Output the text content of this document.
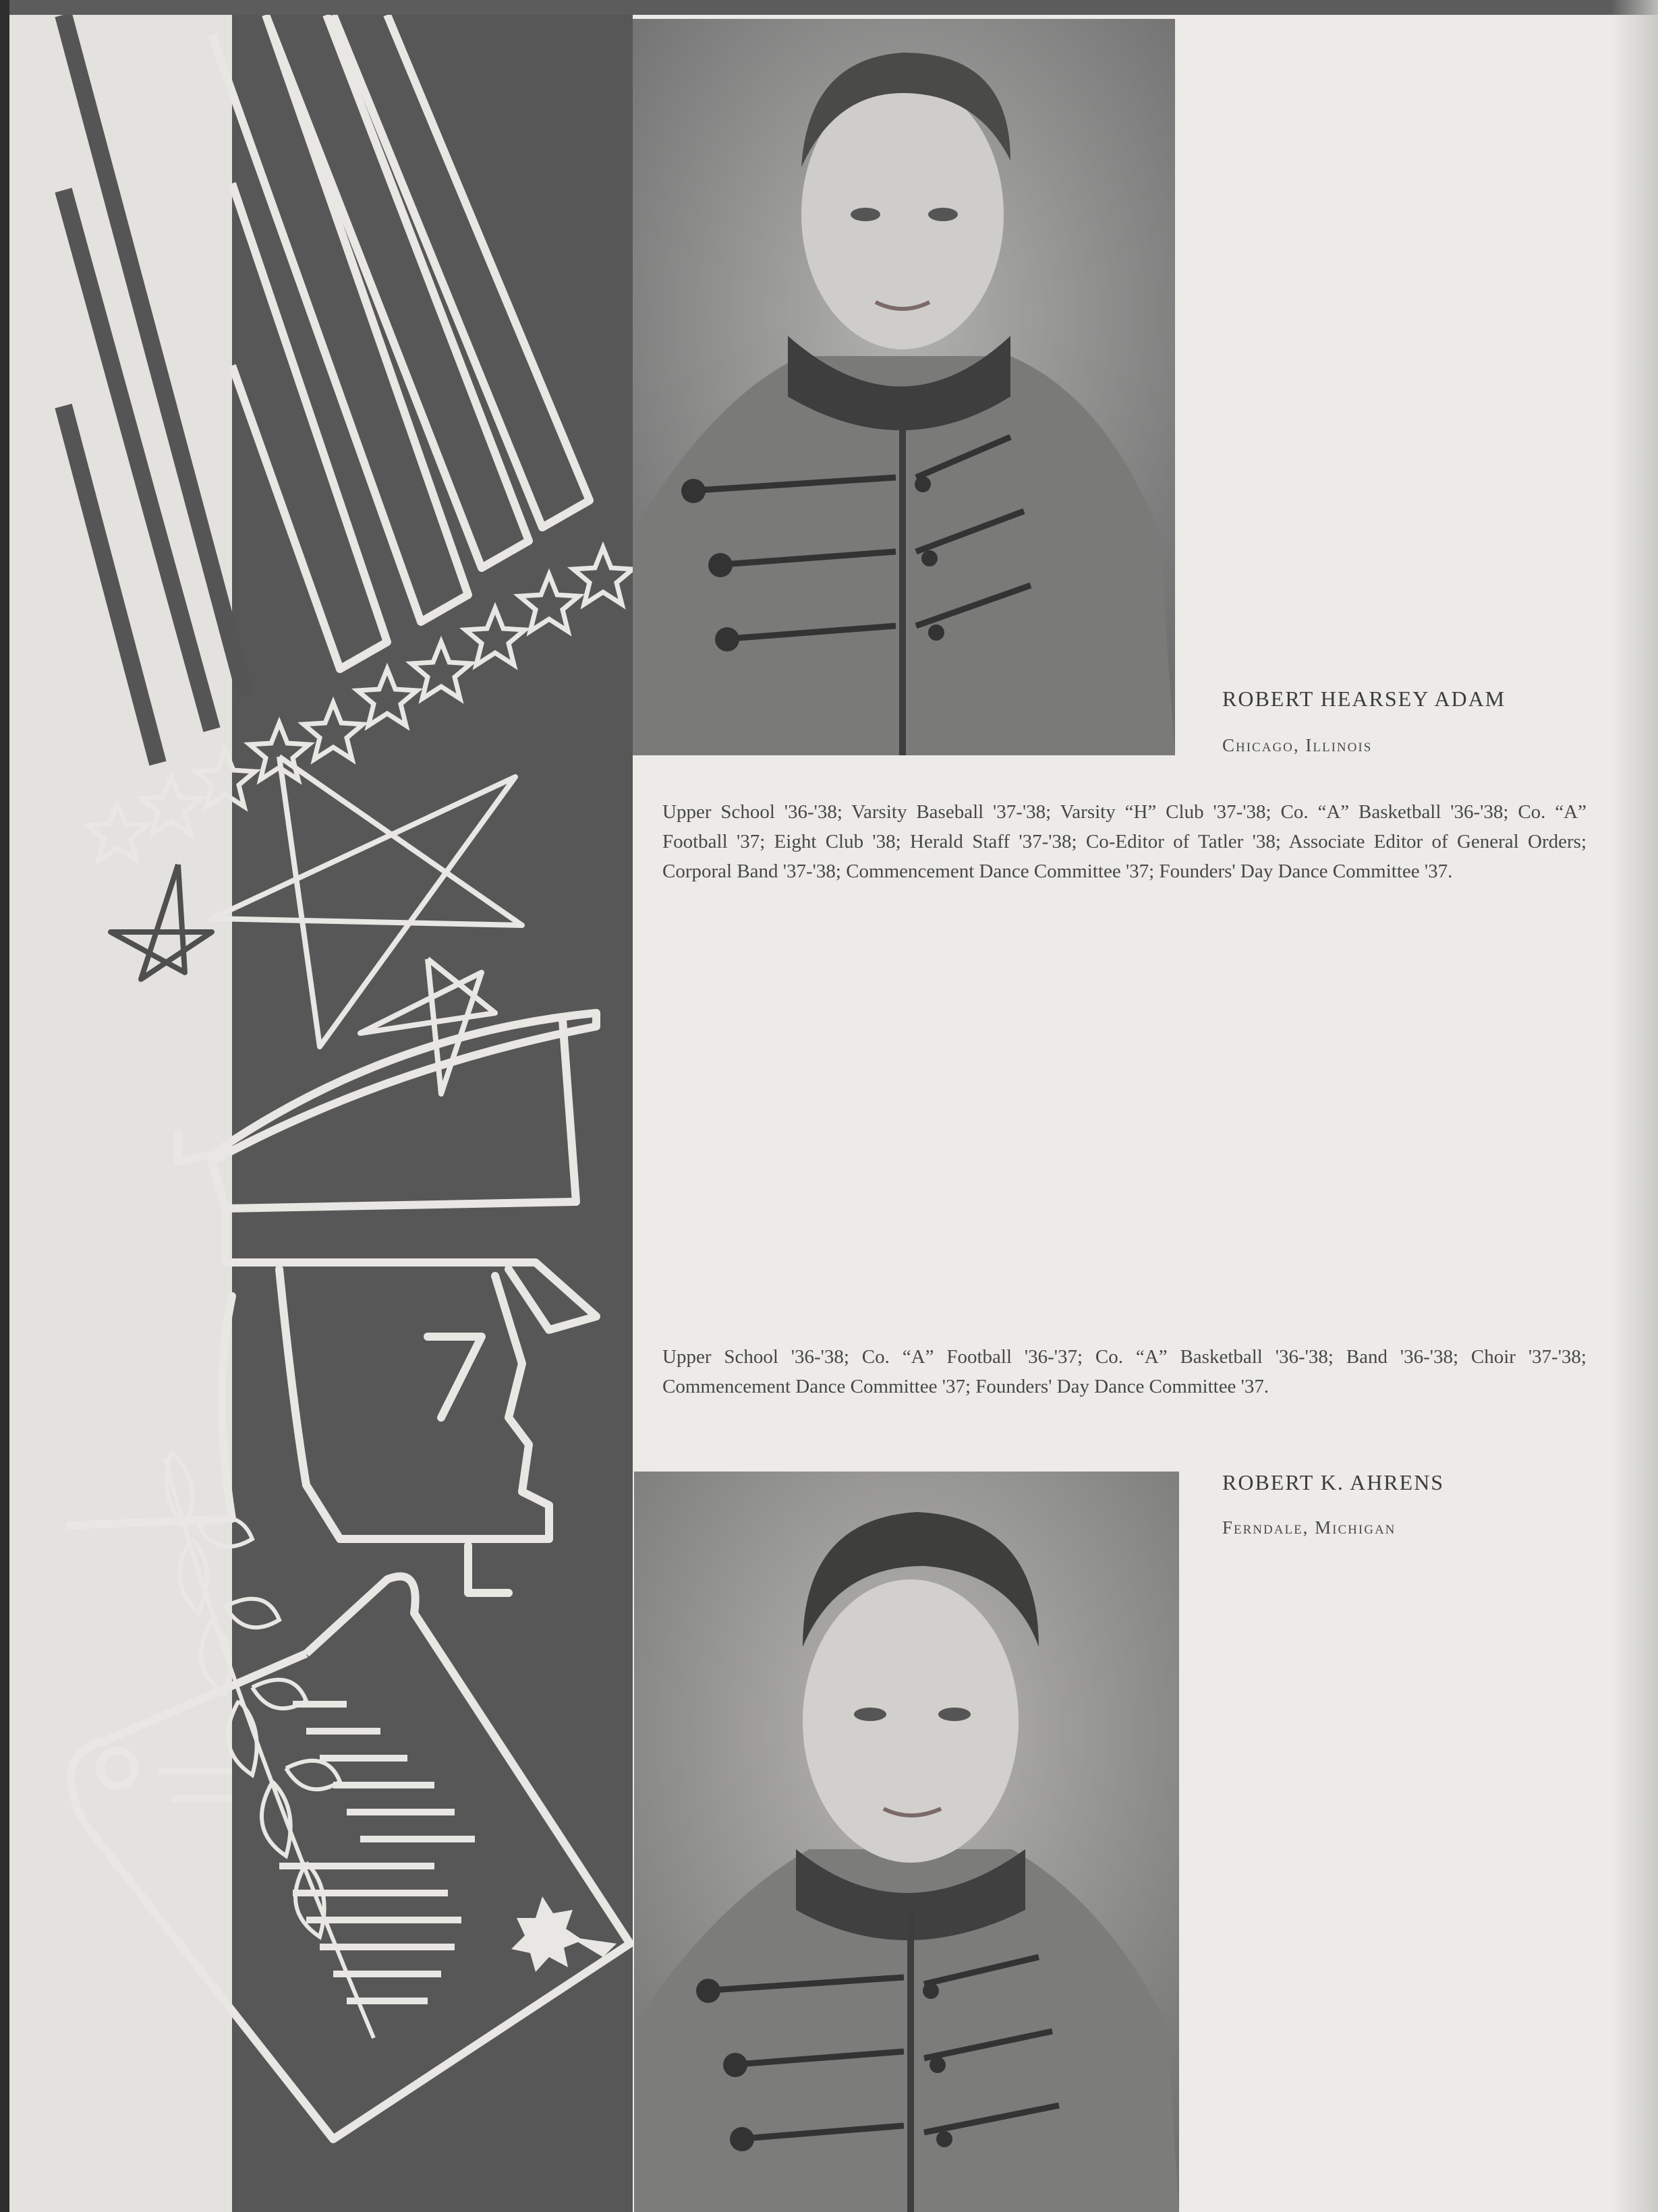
ROBERT HEARSEY ADAM
Chicago, Illinois
Upper School '36-'38; Varsity Baseball '37-'38; Varsity “H” Club '37-'38; Co. “A” Basketball '36-'38; Co. “A” Football '37; Eight Club '38; Herald Staff '37-'38; Co-Editor of Tatler '38; Associate Editor of General Orders; Corporal Band '37-'38; Commencement Dance Committee '37; Founders' Day Dance Committee '37.
Upper School '36-'38; Co. “A” Football '36-'37; Co. “A” Basketball '36-'38; Band '36-'38; Choir '37-'38; Commencement Dance Committee '37; Founders' Day Dance Committee '37.
ROBERT K. AHRENS
Ferndale, Michigan
